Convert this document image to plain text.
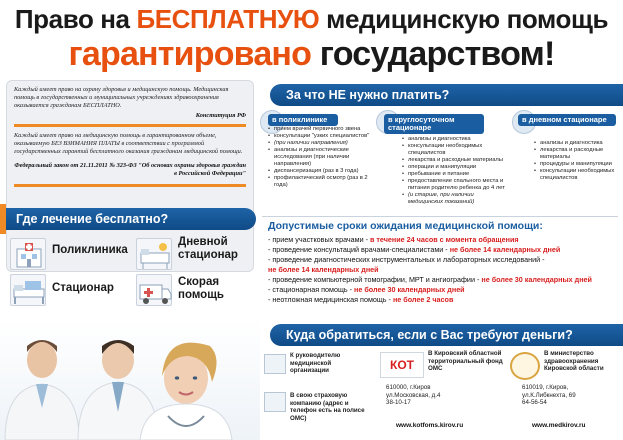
Право на БЕСПЛАТНУЮ медицинскую помощь
гарантировано государством!
Каждый имеет право на охрану здоровья и медицинскую помощь. Медицинская помощь в государственных и муниципальных учреждениях здравоохранения оказывается гражданам БЕСПЛАТНО.
Конституция РФ
Каждый имеет право на медицинскую помощь в гарантированном объеме, оказываемую БЕЗ ВЗИМАНИЯ ПЛАТЫ в соответствии с программой государственных гарантий бесплатного оказания гражданам медицинской помощи.
Федеральный закон от 21.11.2011 № 323-ФЗ "Об основах охраны здоровья граждан в Российской Федерации"
Где лечение бесплатно?
Поликлиника
Дневной стационар
Стационар	Скорая помощь
За что НЕ нужно платить?
в поликлинике
• прием врачей первичного звена
• консультации "узких специалистов"
• (при наличии направления)
• анализы и диагностические исследования (при наличии направления)
• диспансеризация (раз в 3 года)
• профилактический осмотр (раз в 2 года)
в круглосуточном стационаре
• анализы и диагностика
• консультации необходимых специалистов
• лекарства и расходные материалы
• операции и манипуляции
• пребывание и питание
• предоставление спального места и питания родителю ребенка до 4 лет
• (и старше, при наличии медицинских показаний)
в дневном стационаре
• анализы и диагностика
• лекарства и расходные материалы
• процедуры и манипуляции
• консультации необходимых специалистов
Допустимые сроки ожидания медицинской помощи:
- прием участковых врачами - в течение 24 часов с момента обращения
- проведение консультаций врачами-специалистами - не более 14 календарных дней
- проведение диагностических инструментальных и лабораторных исследований -
не более 14 календарных дней
- проведение компьютерной томографии, МРТ и ангиографии - не более 30 календарных дней
- стационарная помощь - не более 30 календарных дней
- неотложная медицинская помощь - не более 2 часов
Куда обратиться, если с Вас требуют деньги?
К руководителю медицинской организации
В свою страховую компанию (адрес и телефон есть на полисе ОМС)
КОТ
В Кировский областной территориальный фонд ОМС
610000, г.Киров
ул.Московская, д.4
38-10-17
www.kotfoms.kirov.ru
В министерство здравоохранения Кировской области
610019, г.Киров,
ул.К.Либкнехта, 69
64-56-54
www.medkirov.ru
